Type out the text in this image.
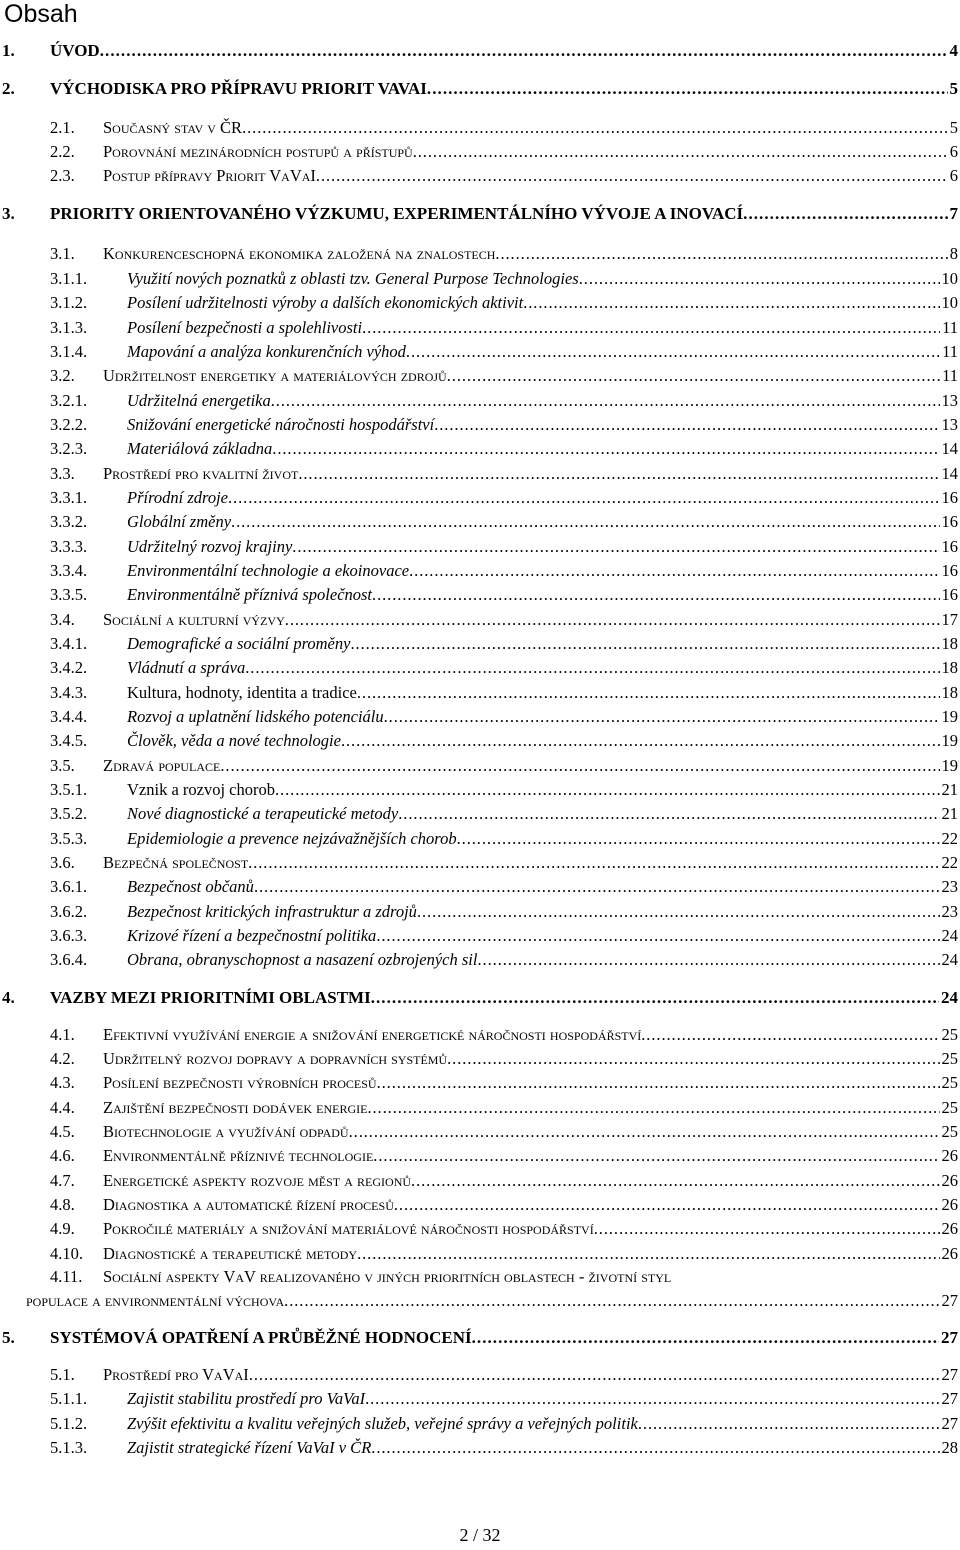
Obsah
1. ÚVOD . . .	4
2. VÝCHODISKA PRO PŘÍPRAVU PRIORIT VAVAI . . .	5
2.1. Současný stav v ČR . . .	5
2.2. Porovnání mezinárodních postupů a přístupů . . .	6
2.3. Postup přípravy Priorit VaVaI . . .	6
3. PRIORITY ORIENTOVANÉHO VÝZKUMU, EXPERIMENTÁLNÍHO VÝVOJE A INOVACÍ . . .	7
3.1. Konkurenceschopná ekonomika založená na znalostech . . .	8
3.1.1. Využití nových poznatků z oblasti tzv. General Purpose Technologies . . .	10
3.1.2. Posílení udržitelnosti výroby a dalších ekonomických aktivit . . .	10
3.1.3. Posílení bezpečnosti a spolehlivosti . . .	11
3.1.4. Mapování a analýza konkurenčních výhod . . .	11
3.2. Udržitelnost energetiky a materiálových zdrojů . . .	11
3.2.1. Udržitelná energetika . . .	13
3.2.2. Snižování energetické náročnosti hospodářství . . .	13
3.2.3. Materiálová základna . . .	14
3.3. Prostředí pro kvalitní život . . .	14
3.3.1. Přírodní zdroje . . .	16
3.3.2. Globální změny . . .	16
3.3.3. Udržitelný rozvoj krajiny . . .	16
3.3.4. Environmentální technologie a ekoinovace . . .	16
3.3.5. Environmentálně příznivá společnost . . .	16
3.4. Sociální a kulturní výzvy . . .	17
3.4.1. Demografické a sociální proměny . . .	18
3.4.2. Vládnutí a správa . . .	18
3.4.3. Kultura, hodnoty, identita a tradice . . .	18
3.4.4. Rozvoj a uplatnění lidského potenciálu . . .	19
3.4.5. Člověk, věda a nové technologie . . .	19
3.5. Zdravá populace . . .	19
3.5.1. Vznik a rozvoj chorob . . .	21
3.5.2. Nové diagnostické a terapeutické metody . . .	21
3.5.3. Epidemiologie a prevence nejzávažnějších chorob . . .	22
3.6. Bezpečná společnost . . .	22
3.6.1. Bezpečnost občanů . . .	23
3.6.2. Bezpečnost kritických infrastruktur a zdrojů . . .	23
3.6.3. Krizové řízení a bezpečnostní politika . . .	24
3.6.4. Obrana, obranyschopnost a nasazení ozbrojených sil . . .	24
4. VAZBY MEZI PRIORITNÍMI OBLASTMI . . .	24
4.1. Efektivní využívání energie a snižování energetické náročnosti hospodářství . . .	25
4.2. Udržitelný rozvoj dopravy a dopravních systémů . . .	25
4.3. Posílení bezpečnosti výrobních procesů . . .	25
4.4. Zajištění bezpečnosti dodávek energie . . .	25
4.5. Biotechnologie a využívání odpadů . . .	25
4.6. Environmentálně příznivé technologie . . .	26
4.7. Energetické aspekty rozvoje měst a regionů . . .	26
4.8. Diagnostika a automatické řízení procesů . . .	26
4.9. Pokročilé materiály a snižování materiálové náročnosti hospodářství . . .	26
4.10. Diagnostické a terapeutické metody . . .	26
4.11. Sociální aspekty VaV realizovaného v jiných prioritních oblastech - životní styl
populace a environmentální výchova . . .	27
5. SYSTÉMOVÁ OPATŘENÍ A PRŮBĚŽNÉ HODNOCENÍ . . .	27
5.1. Prostředí pro VaVaI . . .	27
5.1.1. Zajistit stabilitu prostředí pro VaVaI . . .	27
5.1.2. Zvýšit efektivitu a kvalitu veřejných služeb, veřejné správy a veřejných politik . . .	27
5.1.3. Zajistit strategické řízení VaVaI v ČR . . .	28
2 / 32
